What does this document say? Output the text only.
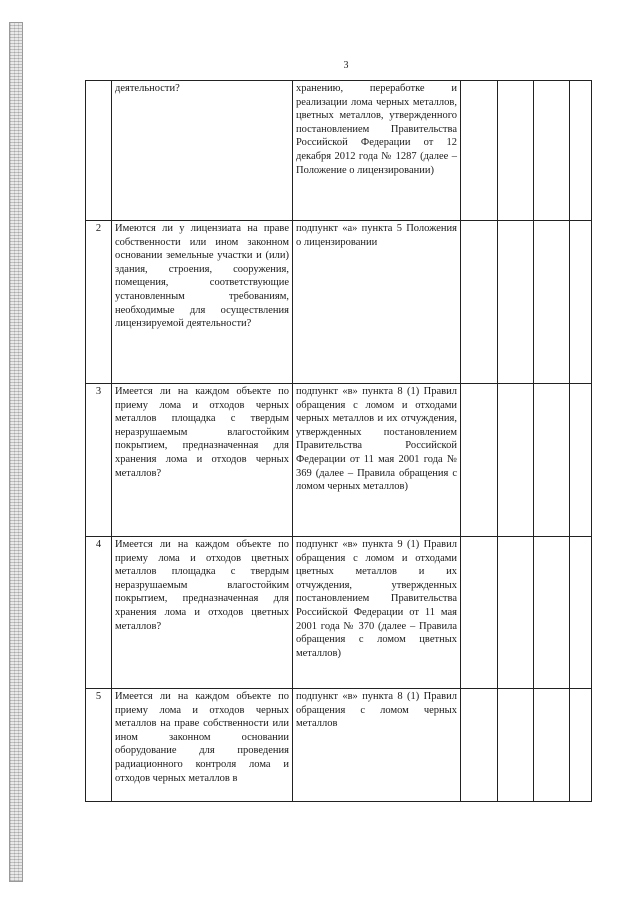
3
	деятельности?	хранению, переработке и реализации лома черных металлов, цветных металлов, утвержденного постановлением Правительства Российской Федерации от 12 декабря 2012 года № 1287 (далее – Положение о лицензировании)				
2	Имеются ли у лицензиата на праве собственности или ином законном основании земельные участки и (или) здания, строения, сооружения, помещения, соответствующие установленным требованиям, необходимые для осуществления лицензируемой деятельности?	подпункт «а» пункта 5 Положения о лицензировании				
3	Имеется ли на каждом объекте по приему лома и отходов черных металлов площадка с твердым неразрушаемым влагостойким покрытием, предназначенная для хранения лома и отходов черных металлов?	подпункт «в» пункта 8 (1) Правил обращения с ломом и отходами черных металлов и их отчуждения, утвержденных постановлением Правительства Российской Федерации от 11 мая 2001 года № 369 (далее – Правила обращения с ломом черных металлов)				
4	Имеется ли на каждом объекте по приему лома и отходов цветных металлов площадка с твердым неразрушаемым влагостойким покрытием, предназначенная для хранения лома и отходов цветных металлов?	подпункт «в» пункта 9 (1) Правил обращения с ломом и отходами цветных металлов и их отчуждения, утвержденных постановлением Правительства Российской Федерации от 11 мая 2001 года № 370 (далее – Правила обращения с ломом цветных металлов)				
5	Имеется ли на каждом объекте по приему лома и отходов черных металлов на праве собственности или ином законном основании оборудование для проведения радиационного контроля лома и отходов черных металлов в	подпункт «в» пункта 8 (1) Правил обращения с ломом черных металлов				
